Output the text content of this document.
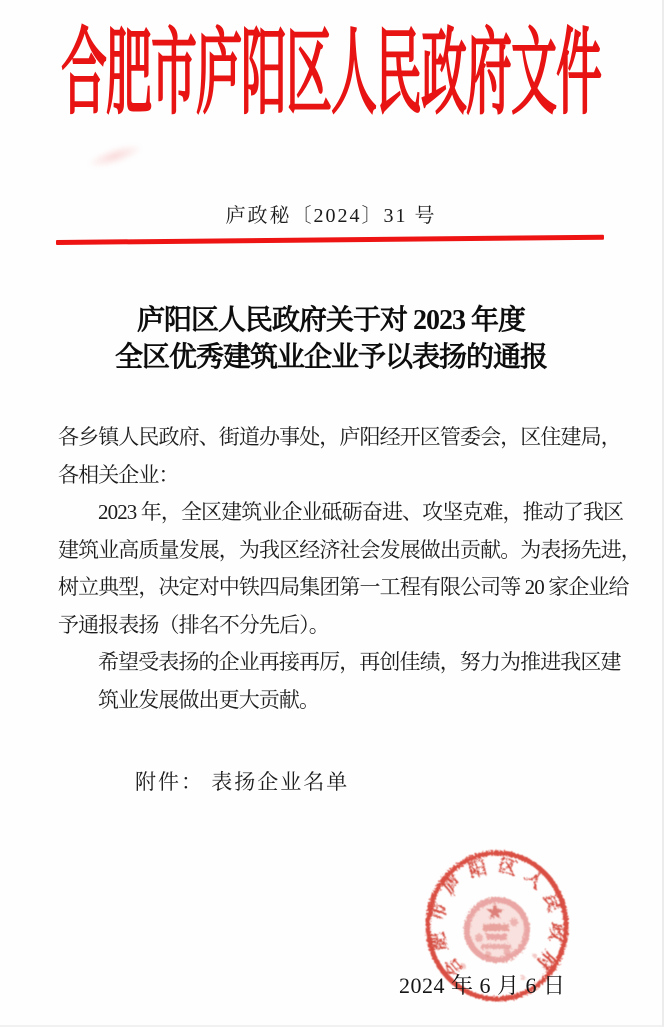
合肥市庐阳区人民政府文件
庐政秘〔2024〕31 号
庐阳区人民政府关于对 2023 年度
全区优秀建筑业企业予以表扬的通报
各乡镇人民政府、街道办事处，庐阳经开区管委会，区住建局，
各相关企业：
2023 年，全区建筑业企业砥砺奋进、攻坚克难，推动了我区
建筑业高质量发展，为我区经济社会发展做出贡献。为表扬先进，
树立典型，决定对中铁四局集团第一工程有限公司等 20 家企业给
予通报表扬（排名不分先后）。
希望受表扬的企业再接再厉，再创佳绩，努力为推进我区建
筑业发展做出更大贡献。
附件： 表扬企业名单
合肥市庐阳区人民政府
2024 年 6 月 6 日
